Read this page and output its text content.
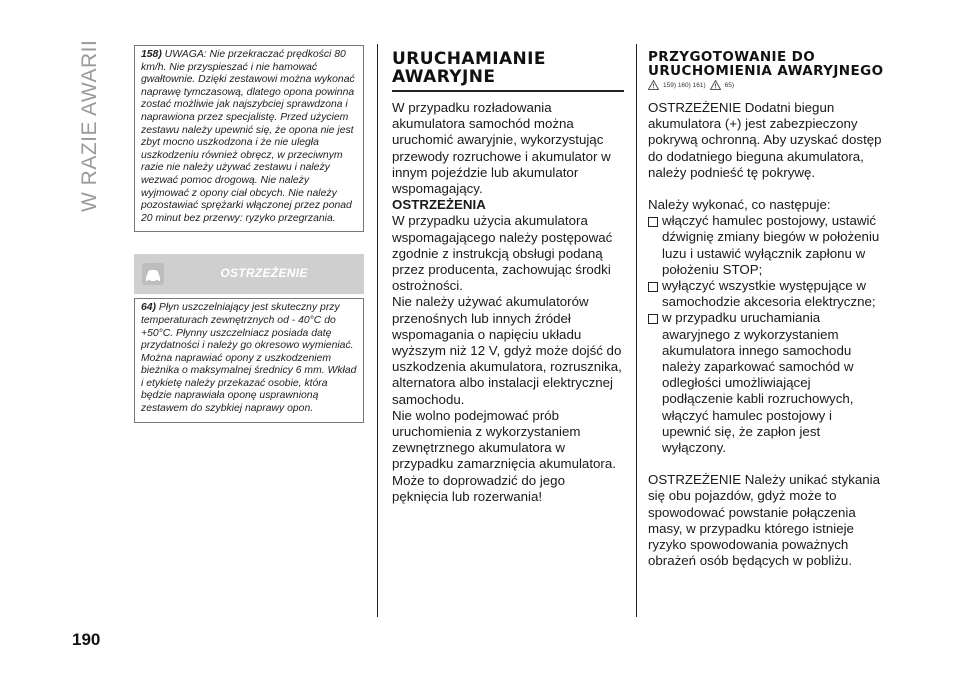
W RAZIE AWARII	158) UWAGA: Nie przekraczać prędkości 80 km/h. Nie przyspieszać i nie hamować gwałtownie. Dzięki zestawowi można wykonać naprawę tymczasową, dlatego opona powinna zostać możliwie jak najszybciej sprawdzona i naprawiona przez specjalistę. Przed użyciem zestawu należy upewnić się, że opona nie jest zbyt mocno uszkodzona i że nie uległa uszkodzeniu również obręcz, w przeciwnym razie nie należy używać zestawu i należy wezwać pomoc drogową. Nie należy wyjmować z opony ciał obcych. Nie należy pozostawiać sprężarki włączonej przez ponad 20 minut bez przerwy: ryzyko przegrzania.
OSTRZEŻENIE
64) Płyn uszczelniający jest skuteczny przy temperaturach zewnętrznych od - 40°C do +50°C. Płynny uszczelniacz posiada datę przydatności i należy go okresowo wymieniać. Można naprawiać opony z uszkodzeniem bieżnika o maksymalnej średnicy 6 mm. Wkład i etykietę należy przekazać osobie, która będzie naprawiała oponę usprawnioną zestawem do szybkiej naprawy opon.
URUCHAMIANIE AWARYJNE

W przypadku rozładowania akumulatora samochód można uruchomić awaryjnie, wykorzystując przewody rozruchowe i akumulator w innym pojeździe lub akumulator wspomagający.

OSTRZEŻENIA

W przypadku użycia akumulatora wspomagającego należy postępować zgodnie z instrukcją obsługi podaną przez producenta, zachowując środki ostrożności.

Nie należy używać akumulatorów przenośnych lub innych źródeł wspomagania o napięciu układu wyższym niż 12 V, gdyż może dojść do uszkodzenia akumulatora, rozrusznika, alternatora albo instalacji elektrycznej samochodu.

Nie wolno podejmować prób uruchomienia z wykorzystaniem zewnętrznego akumulatora w przypadku zamarznięcia akumulatora. Może to doprowadzić do jego pęknięcia lub rozerwania!

PRZYGOTOWANIE DO URUCHOMIENIA AWARYJNEGO
159) 160) 161)	65)

OSTRZEŻENIE Dodatni biegun akumulatora (+) jest zabezpieczony pokrywą ochronną. Aby uzyskać dostęp do dodatniego bieguna akumulatora, należy podnieść tę pokrywę.

Należy wykonać, co następuje:

włączyć hamulec postojowy, ustawić dźwignię zmiany biegów w położeniu luzu i ustawić wyłącznik zapłonu w położeniu STOP;
wyłączyć wszystkie występujące w samochodzie akcesoria elektryczne;
w przypadku uruchamiania awaryjnego z wykorzystaniem akumulatora innego samochodu należy zaparkować samochód w odległości umożliwiającej podłączenie kabli rozruchowych, włączyć hamulec postojowy i upewnić się, że zapłon jest wyłączony.

OSTRZEŻENIE Należy unikać stykania się obu pojazdów, gdyż może to spowodować powstanie połączenia masy, w przypadku którego istnieje ryzyko spowodowania poważnych obrażeń osób będących w pobliżu.

190
